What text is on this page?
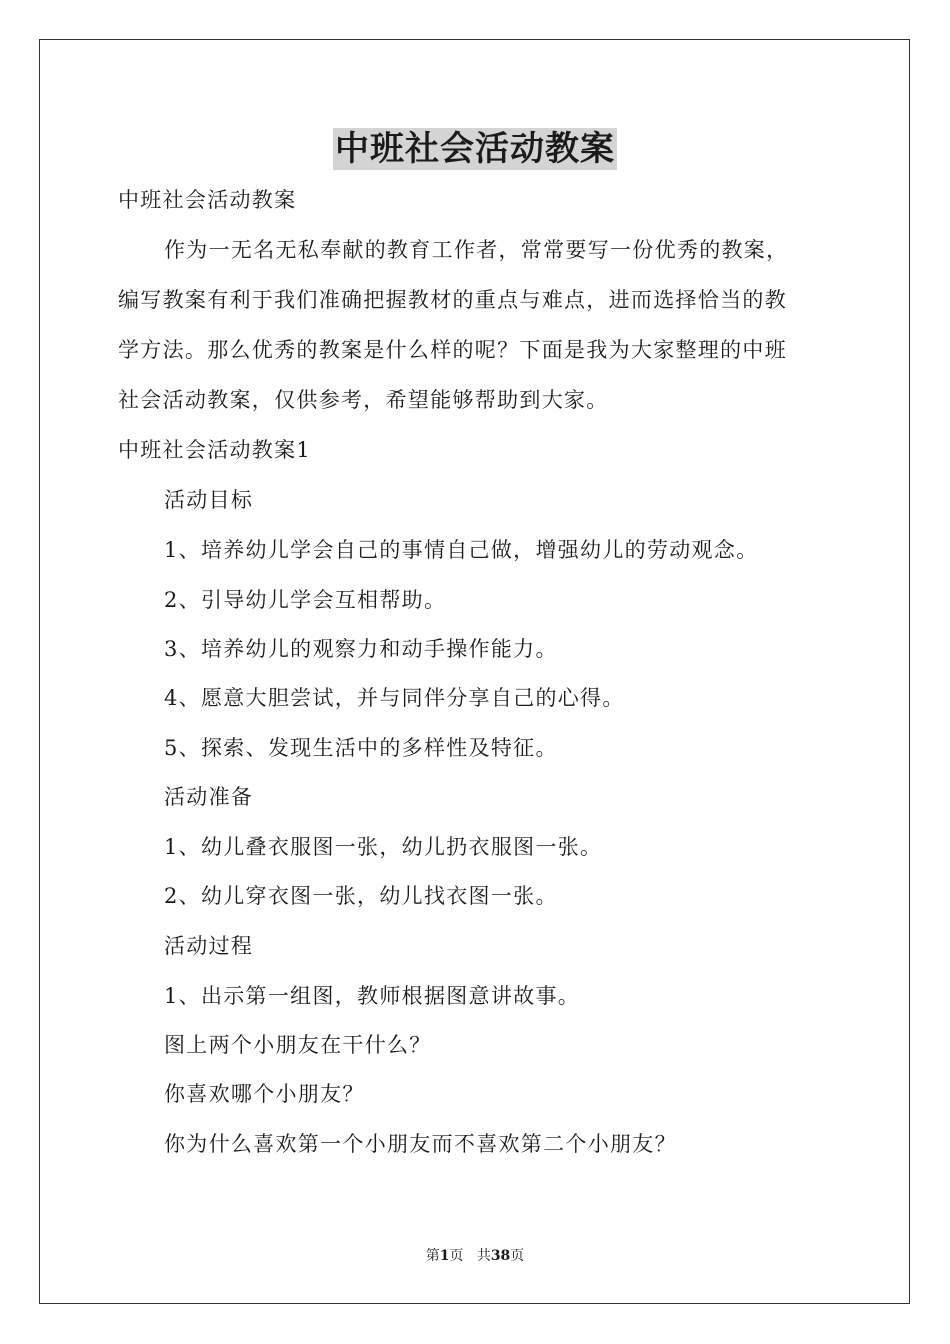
中班社会活动教案
中班社会活动教案
作为一无名无私奉献的教育工作者，常常要写一份优秀的教案，
编写教案有利于我们准确把握教材的重点与难点，进而选择恰当的教
学方法。那么优秀的教案是什么样的呢？下面是我为大家整理的中班
社会活动教案，仅供参考，希望能够帮助到大家。
中班社会活动教案1
活动目标
1、培养幼儿学会自己的事情自己做，增强幼儿的劳动观念。
2、引导幼儿学会互相帮助。
3、培养幼儿的观察力和动手操作能力。
4、愿意大胆尝试，并与同伴分享自己的心得。
5、探索、发现生活中的多样性及特征。
活动准备
1、幼儿叠衣服图一张，幼儿扔衣服图一张。
2、幼儿穿衣图一张，幼儿找衣图一张。
活动过程
1、出示第一组图，教师根据图意讲故事。
图上两个小朋友在干什么？
你喜欢哪个小朋友？
你为什么喜欢第一个小朋友而不喜欢第二个小朋友？
第1页 共38页
